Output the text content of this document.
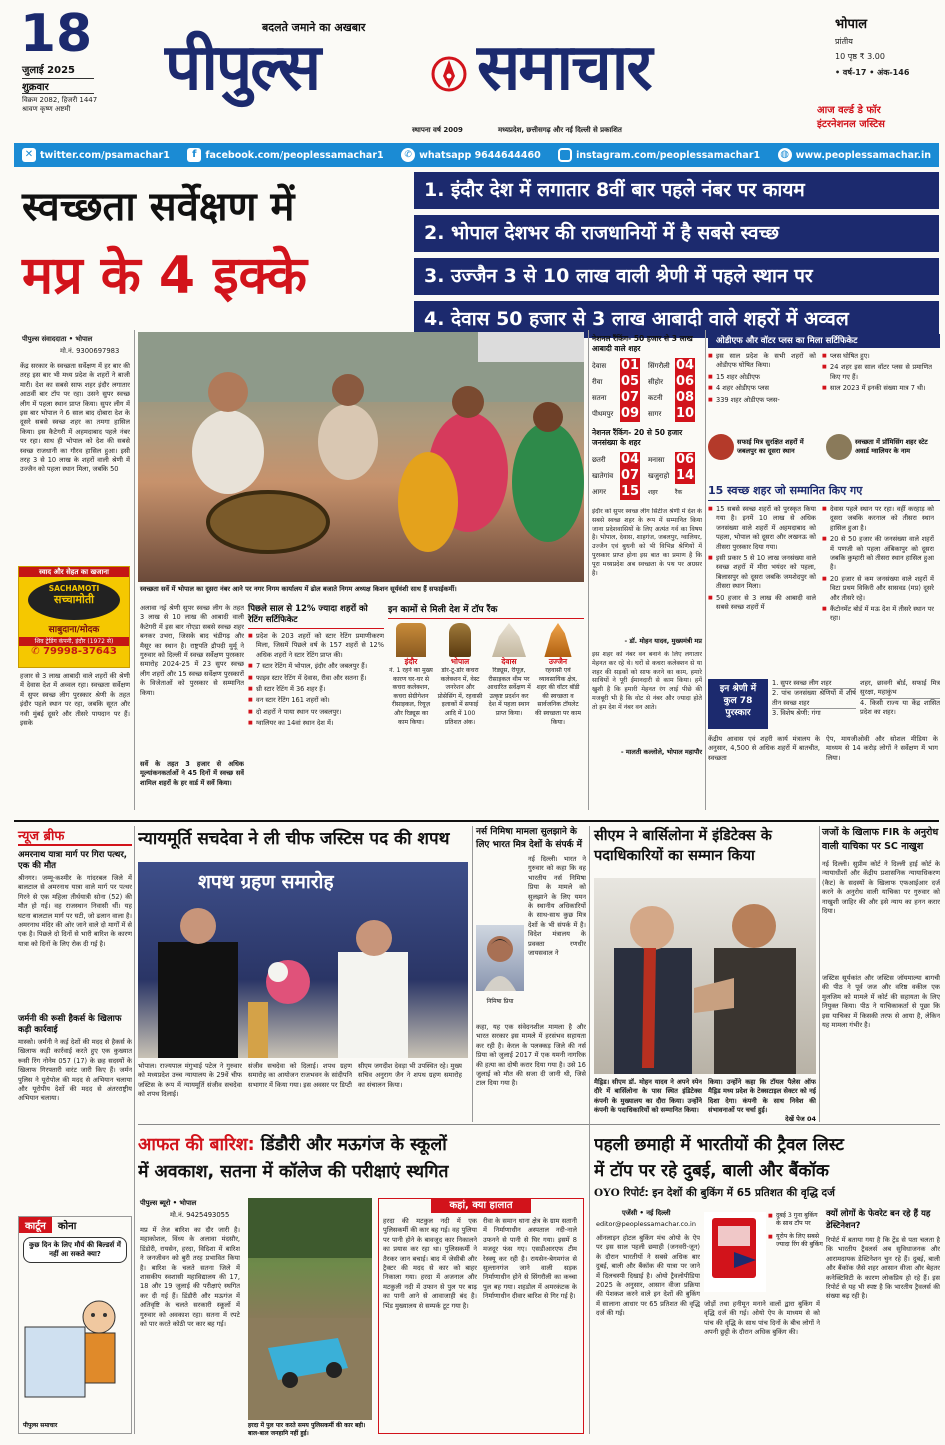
18
जुलाई 2025
शुक्रवार
विक्रम 2082, हिजरी 1447
श्रावण कृष्ण अष्टमी
बदलते जमाने का अखबार
पीपुल्स समाचार
स्थापना वर्ष 2009	मध्यप्रदेश, छत्तीसगढ़ और नई दिल्ली से प्रकाशित
भोपाल
प्रांतीय
10 पृष्ठ ₹ 3.00
• वर्ष-17 • अंक-146
आज वर्ल्ड डे फॉर
इंटरनेशनल जस्टिस
✕ twitter.com/psamachar1	f facebook.com/peoplessamachar1	✆ whatsapp 9644644460	instagram.com/peoplessamachar1 ◍ www.peoplessamachar.in
स्वच्छता सर्वेक्षण में
मप्र के 4 इक्के
1. इंदौर देश में लगातार 8वीं बार पहले नंबर पर कायम
2. भोपाल देशभर की राजधानियों में है सबसे स्वच्छ
3. उज्जैन 3 से 10 लाख वाली श्रेणी में पहले स्थान पर
4. देवास 50 हजार से 3 लाख आबादी वाले शहरों में अव्वल
पीपुल्स संवाददाता • भोपाल
मो.नं. 9300697983
केंद्र सरकार के स्वच्छता सर्वेक्षण में हर बार की तरह इस बार भी मध्य प्रदेश के शहरों ने बाजी मारी। देश का सबसे साफ शहर इंदौर लगातार आठवीं बार टॉप पर रहा। उसने सुपर स्वच्छ लीग में पहला स्थान प्राप्त किया। सुपर लीग में इस बार भोपाल ने 6 साल बाद दोबारा देश के दूसरे सबसे स्वच्छ शहर का तमगा हासिल किया। इस कैटेगरी में अहमदाबाद पहले नंबर पर रहा। साथ ही भोपाल को देश की सबसे स्वच्छ राजधानी का गौरव हासिल हुआ। इसी तरह 3 से 10 लाख के शहरों वाली श्रेणी में उज्जैन को पहला स्थान मिला, जबकि 50
स्वाद और सेहत का खजाना
SACHAMOTI
सच्चामोती
साबुदाना/मोदक
शिव ट्रेडिंग कंपनी, इंदौर (1972 से)
✆ 79998-37643
हजार से 3 लाख आबादी वाले शहरों की श्रेणी में देवास देश में अव्वल रहा। स्वच्छता सर्वेक्षण में सुपर स्वच्छ लीग पुरस्कार श्रेणी के तहत इंदौर पहले स्थान पर रहा, जबकि सूरत और नवी मुंबई दूसरे और तीसरे पायदान पर हैं। इसके
स्वच्छता सर्वे में भोपाल का दूसरा नंबर आने पर नगर निगम कार्यालय में ढोल बजाते निगम अध्यक्ष किशन सूर्यवंशी साथ हैं सफाईकर्मी।
अलावा नई श्रेणी सुपर स्वच्छ लीग के तहत 3 लाख से 10 लाख की आबादी वाली कैटेगरी में इस बार नोएडा सबसे स्वच्छ शहर बनकर उभरा, जिसके बाद चंडीगढ़ और मैसूर का स्थान है। राष्ट्रपति द्रौपदी मुर्मू ने गुरुवार को दिल्ली में स्वच्छ सर्वेक्षण पुरस्कार समारोह 2024-25 में 23 सुपर स्वच्छ लीग शहरों और 15 स्वच्छ सर्वेक्षण पुरस्कारों के विजेताओं को पुरस्कार से सम्मानित किया।
सर्वे के तहत 3 हजार से अधिक मूल्यांकनकर्ताओं ने 45 दिनों में स्वच्छ सर्वे शामिल शहरों के हर वार्ड में सर्वे किया।
पिछले साल से 12% ज्यादा शहरों को रेटिंग सर्टिफिकेट
■ प्रदेश के 203 शहरों को स्टार रेटिंग प्रमाणीकरण मिला, जिसमें पिछले वर्ष के 157 शहरों से 12% अधिक शहरों ने स्टार रेटिंग प्राप्त की।
■ 7 स्टार रेटिंग में भोपाल, इंदौर और जबलपुर हैं।
■ फाइव स्टार रेटिंग में देवास, रीवा और सतना हैं।
■ थ्री स्टार रेटिंग में 36 शहर हैं।
■ वन स्टार रेटिंग 161 शहरों को।
■ दो शहरों ने पाया स्थान पर जबलपुर।
■ ग्वालियर का 14वां स्थान देश में।
इन कामों से मिली देश में टॉप रैंक
इंदौर
नं. 1 रहने का मुख्य कारण घर-घर से कचरा कलेक्शन, कचरा सेग्रीगेशन रीसाइकल, रियूज़ और रिड्यूस का काम किया।
भोपाल
डोर-टू-डोर कचरा कलेक्शन में, वेस्ट जनरेशन और प्रोसेसिंग में, रहवासी इलाकों में सफाई आदि में 100 प्रतिशत अंक।
देवास
रिड्यूस, रीयूज़, रीसाइकल थीम पर आधारित सर्वेक्षण में उत्कृष्ट प्रदर्शन कर देश में पहला स्थान प्राप्त किया।
उज्जैन
रहवासी एवं व्यावसायिक क्षेत्र, शहर की वॉटर बॉडी की स्वच्छता व सार्वजनिक टॉयलेट की स्वच्छता पर काम किया।
नेशनल रैंकिंग- 50 हजार से 3 लाख आबादी वाले शहर
देवास	01	सिंगरौली	04
रीवा	05	सीहोर	06
सतना	07	कटनी	08
पीथमपुर	09	सागर	10
नेशनल रैंकिंग- 20 से 50 हजार जनसंख्या के शहर
छतरी	04	मनासा	06
खातेगांव	07	खजुराहो	14
आगर	15	शहर	रैंक
इंदौर को सुपर स्वच्छ लीग सिटीज श्रेणी में देश के सबसे स्वच्छ शहर के रूप में सम्मानित किया जाना प्रदेशवासियों के लिए अत्यंत गर्व का विषय है। भोपाल, देवास, शाहगंज, जबलपुर, ग्वालियर, उज्जैन एवं बुधनी को भी विभिन्न श्रेणियों में पुरस्कार प्राप्त होना इस बात का प्रमाण है कि पूरा मध्यप्रदेश अब स्वच्छता के पथ पर अग्रसर है।
- डॉ. मोहन यादव, मुख्यमंत्री मप्र
इस शहर को नंबर वन बनाने के लिए लगातार मेहनत कर रहे थे। घरों से कचरा कलेक्शन से या शहर की सड़कों को साफ करने का काम, हमारे साथियों ने पूरी ईमानदारी से काम किया। हमें खुशी है कि हमारी मेहनत रंग लाई पीछे की मजबूरी भी है कि वोट से नंबर और ज्यादा होते तो हम देश में नंबर वन आते।
- मालती कल्लोले, भोपाल महापौर
ओडीएफ और वॉटर प्लस का मिला सर्टिफिकेट
■ इस साल प्रदेश के सभी शहरों को ओडीएफ घोषित किया।
■ 15 शहर ओडीएफ
■ 4 शहर ओडीएफ प्लस
■ 339 शहर ओडीएफ प्लस-
■ प्लस घोषित हुए।
■ 24 शहर इस साल वॉटर प्लस से प्रमाणित किए गए हैं।
■ साल 2023 में इनकी संख्या मात्र 7 थी।
सफाई मित्र सुरक्षित शहरों में जबलपुर का दूसरा स्थान
स्वच्छता में प्रॉमिसिंग शहर स्टेट अवार्ड ग्वालियर के नाम
15 स्वच्छ शहर जो सम्मानित किए गए
■ 15 सबसे स्वच्छ शहरों को पुरस्कृत किया गया है। इनमें 10 लाख से अधिक जनसंख्या वाले शहरों में अहमदाबाद को पहला, भोपाल को दूसरा और लखनऊ को तीसरा पुरस्कार दिया गया।
■ इसी प्रकार 5 से 10 लाख जनसंख्या वाले स्वच्छ शहरों में मीरा भयंदर को पहला, बिलासपुर को दूसरा जबकि जमशेदपुर को तीसरा स्थान मिला।
■ 50 हजार से 3 लाख की आबादी वाले सबसे स्वच्छ शहरों में
■ देवास पहले स्थान पर रहा। वहीं करहाड़ को दूसरा जबकि करनाल को तीसरा स्थान हासिल हुआ है।
■ 20 से 50 हजार की जनसंख्या वाले शहरों में पणजी को पहला अंबिकापुर को दूसरा जबकि कुम्हारी को तीसरा स्थान हासिल हुआ है।
■ 20 हजार से कम जनसंख्या वाले शहरों में विटा प्रथम विकिरी और सासवड (मप्र) दूसरे और तीसरे रहे।
■ कैंटोनमेंट बोर्ड में मऊ देश में तीसरे स्थान पर रहा।
इन श्रेणी में कुल 78 पुरस्कार
1. सुपर स्वच्छ लीग शहर
2. पांच जनसंख्या श्रेणियों में शीर्ष तीन स्वच्छ शहर
3. विशेष श्रेणी: गंगा
शहर, छावनी बोर्ड, सफाई मित्र सुरक्षा, महाकुंभ
4. किसी राज्य या केंद्र शासित प्रदेश का शहर।
केंद्रीय आवास एवं शहरी कार्य मंत्रालय के अनुसार, 4,500 से अधिक शहरों में बातचीत, स्वच्छता
ऐप, मायजीओवी और सोशल मीडिया के माध्यम से 14 करोड़ लोगों ने सर्वेक्षण में भाग लिया।
न्यूज ब्रीफ
अमरनाथ यात्रा मार्ग पर गिरा पत्थर, एक की मौत
श्रीनगर। जम्मू-कश्मीर के गांदरबल जिले में बालटाल से अमरनाथ यात्रा वाले मार्ग पर पत्थर गिरने से एक महिला तीर्थयात्री सोना (52) की मौत हो गई। वह राजस्थान निवासी थीं। यह घटना बालटाल मार्ग पर घटी, जो ढलान वाला है। अमरनाथ मंदिर की ओर जाने वाले दो मार्गों में से एक है। पिछले दो दिनों से भारी बारिश के कारण यात्रा को दिनों के लिए रोक दी गई है।
जर्मनी की रूसी हैकर्स के खिलाफ कड़ी कार्रवाई
मास्को। जर्मनी ने कई देशों की मदद से हैकर्स के खिलाफ कड़ी कार्रवाई करते हुए एक कुख्यात रूसी रिंग नोनेम 057 (17) के छह सदस्यों के खिलाफ गिरफ्तारी वारंट जारी किए हैं। जर्मन पुलिस ने यूरोपोल की मदद से अभियान चलाया और यूरोपीय देशों की मदद से अंतरराष्ट्रीय अभियान चलाया।
कार्टून	कोना
कुछ दिन के लिए मौर्य की बिल्डर्स में नहीं आ सकते क्या?
पीपुल्स समाचार
न्यायमूर्ति सचदेवा ने ली चीफ जस्टिस पद की शपथ
शपथ ग्रहण समारोह
भोपाल। राज्यपाल मंगुभाई पटेल ने गुरुवार को मध्यप्रदेश उच्च न्यायालय के 29वें चीफ जस्टिस के रूप में न्यायमूर्ति संजीव सचदेवा को शपथ दिलाई।
संजीव सचदेवा को दिलाई। शपथ ग्रहण समारोह का आयोजन राजभवन के सांदीपनि सभागार में किया गया। इस अवसर पर डिप्टी
सीएम जगदीश देवड़ा भी उपस्थित रहे। मुख्य सचिव अनुराग जैन ने शपथ ग्रहण समारोह का संचालन किया।
नर्स निमिषा मामला सुलझाने के लिए भारत मित्र देशों के संपर्क में
नई दिल्ली। भारत ने गुरुवार को कहा कि वह भारतीय नर्स निमिषा प्रिया के मामले को सुलझाने के लिए यमन के स्थानीय अधिकारियों के साथ-साथ कुछ मित्र देशों के भी संपर्क में है। विदेश मंत्रालय के प्रवक्ता रणधीर जायसवाल ने
निमिषा प्रिया
कहा, यह एक संवेदनशील मामला है और भारत सरकार इस मामले में हरसंभव सहायता कर रही है। केरल के पलक्कड़ जिले की नर्स प्रिया को जुलाई 2017 में एक यमनी नागरिक की हत्या का दोषी करार दिया गया है। उसे 16 जुलाई को मौत की सजा दी जानी थी, जिसे टाल दिया गया है।
सीएम ने बार्सिलोना में इंडिटेक्स के पदाधिकारियों का सम्मान किया
मैड्रिड। सीएम डॉ. मोहन यादव ने अपने स्पेन दौरे में बार्सिलोना के पास स्थित इंडिटेक्स कंपनी के मुख्यालय का दौरा किया। उन्होंने कंपनी के पदाधिकारियों को सम्मानित किया।
किया। उन्होंने कहा कि टॉयल पैलेस ऑफ मैड्रिड मध्य प्रदेश के टेक्सटाइल सेक्टर को नई दिशा देगा। कंपनी के साथ निवेश की संभावनाओं पर चर्चा हुई।
देखें पेज 04
जजों के खिलाफ FIR के अनुरोध वाली याचिका पर SC नाखुश
नई दिल्ली। सुप्रीम कोर्ट ने दिल्ली हाई कोर्ट के न्यायाधीशों और केंद्रीय प्रशासनिक न्यायाधिकरण (कैट) के सदस्यों के खिलाफ एफआईआर दर्ज करने के अनुरोध वाली याचिका पर गुरुवार को नाखुशी जाहिर की और इसे न्याय का हनन करार दिया।
जस्टिस सूर्यकांत और जस्टिस जॉयमाल्या बागची की पीठ ने पूर्व जज और वरिष्ठ वकील एक मुलजिम को मामले में कोर्ट की सहायता के लिए नियुक्त किया। पीठ ने याचिकाकर्ता से पूछा कि इस याचिका में किसकी तरफ से आया है, लेकिन यह मामला गंभीर है।
आफत की बारिश: डिंडौरी और मऊगंज के स्कूलों
में अवकाश, सतना में कॉलेज की परीक्षाएं स्थगित
पीपुल्स ब्यूरो • भोपाल
मो.नं. 9425493055
मप्र में तेज बारिश का दौर जारी है। महाकोशल, विंध्य के अलावा मंदसौर, डिंडोरी, रायसेन, हरदा, विदिशा में बारिश ने जनजीवन को बुरी तरह प्रभावित किया है। बारिश के चलते सतना जिले में शासकीय स्वशासी महाविद्यालय की 17, 18 और 19 जुलाई की परीक्षाएं स्थगित कर दी गई हैं। डिंडौरी और मऊगंज में अतिवृष्टि के चलते सरकारी स्कूलों में गुरुवार को अवकाश रहा। सतना में रपटे को पार करते कोठी पर कार बह गई।
हरदा में पुल पार करते समय पुलिसकर्मी की कार बही। बाल-बाल जनहानि नहीं हुई।
कहां, क्या हालात
हरदा की मटकुल नदी में एक पुलिसकर्मी की कार बह गई। वह पुलिया पर पानी होने के बावजूद कार निकालने का प्रयास कर रहा था। पुलिसकर्मी ने तैरकर जान बचाई। बाद में जेसीबी और ट्रैक्टर की मदद से कार को बाहर निकाला गया। हरदा में अजनाल और मटकुली नदी में उफान से पुल पर बाढ़ का पानी आने से आवाजाही बंद है। भिंड मुख्यालय से सम्पर्क टूट गया है।
रीवा के समान थाना क्षेत्र के ग्राम सतानी में निर्माणाधीन अस्पताल नदी-नाले उफनने से पानी से घिर गया। इसमें 8 मजदूर फंस गए। एसडीआरएफ टीम रेस्क्यू कर रही है। रायसेन-बेगमगंज से सुल्तानगंज जाने वाली सड़क निर्माणाधीन होने से सिंगरौली का कच्चा पुल बह गया। शहडोल में अमरकंटक के निर्माणाधीन दीवार बारिश से गिर गई है।
पहली छमाही में भारतीयों की ट्रैवल लिस्ट
में टॉप पर रहे दुबई, बाली और बैंकॉक
OYO रिपोर्ट: इन देशों की बुकिंग में 65 प्रतिशत की वृद्धि दर्ज
एजेंसी • नई दिल्ली
editor@peoplessamachar.co.in
ऑनलाइन होटल बुकिंग मंच ओयो के ऐप पर इस साल पहली छमाही (जनवरी-जून) के दौरान भारतीयों ने सबसे अधिक बार दुबई, बाली और बैंकॉक की यात्रा पर जाने में दिलचस्पी दिखाई है। ओयो ट्रैवलोपीडिया 2025 के अनुसार, आसान वीजा प्रक्रिया की पेशकश करने वाले इन देशों की बुकिंग में सालाना आधार पर 65 प्रतिशत की वृद्धि दर्ज की गई।
■ दुबई 3 गुना बुकिंग के साथ टॉप पर
■ यूरोप के लिए सबसे ज्यादा रिंग की बुकिंग
जोड़ों तथा हनीमून मनाने वालों द्वारा बुकिंग में वृद्धि दर्ज की गई। ओयो ऐप के माध्यम से को पांच की वृद्धि के साथ पांच दिनों के बीच लोगों ने अपनी छुट्टी के दौरान अधिक बुकिंग की।
क्यों लोगों के फेवरेट बन रहे हैं यह डेस्टिनेशन?
रिपोर्ट में बताया गया है कि ट्रेंड से पता चलता है कि भारतीय ट्रैवलर्स अब सुविधाजनक और आरामदायक डेस्टिनेशन चुन रहे हैं। दुबई, बाली और बैंकॉक जैसे शहर आसान वीजा और बेहतर कनेक्टिविटी के कारण लोकप्रिय हो रहे हैं। इस रिपोर्ट से यह भी स्पष्ट है कि भारतीय ट्रैवलर्स की संख्या बढ़ रही है।
